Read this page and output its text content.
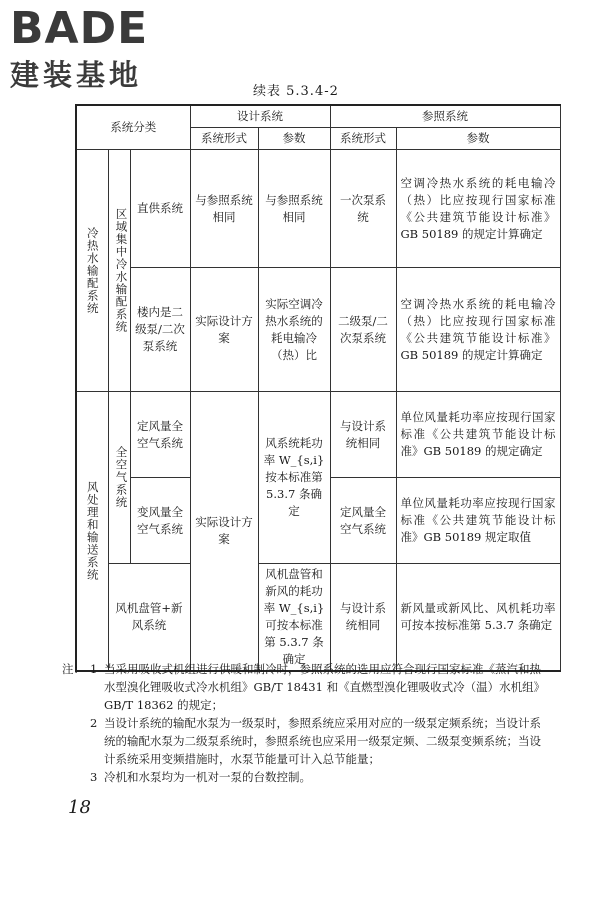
BADE
建装基地	续表 5.3.4-2
系统分类			设计系统		参照系统	
			系统形式	参数	系统形式	参数

冷热水输配系统	区域集中冷水输配系统	直供系统	与参照系统相同	与参照系统相同	一次泵系统	空调冷热水系统的耗电输冷（热）比应按现行国家标准《公共建筑节能设计标准》GB 50189 的规定计算确定
		楼内是二级泵/二次泵系统	实际设计方案	实际空调冷热水系统的耗电输冷（热）比	二级泵/二次泵系统	空调冷热水系统的耗电输冷（热）比应按现行国家标准《公共建筑节能设计标准》GB 50189 的规定计算确定

风处理和输送系统	全空气系统	定风量全空气系统	实际设计方案	风系统耗功率 W_{s,i} 按本标准第 5.3.7 条确定	与设计系统相同	单位风量耗功率应按现行国家标准《公共建筑节能设计标准》GB 50189 的规定确定
		变风量全空气系统			定风量全空气系统	单位风量耗功率应按现行国家标准《公共建筑节能设计标准》GB 50189 规定取值
	风机盘管+新风系统			风机盘管和新风的耗功率 W_{s,i} 可按本标准第 5.3.7 条确定	与设计系统相同	新风量或新风比、风机耗功率可按本按标准第 5.3.7 条确定
注： 1 当采用吸收式机组进行供暖和制冷时，参照系统的选用应符合现行国家标准《蒸汽和热水型溴化锂吸收式冷水机组》GB/T 18431 和《直燃型溴化锂吸收式冷（温）水机组》GB/T 18362 的规定；
2 当设计系统的输配水泵为一级泵时，参照系统应采用对应的一级泵定频系统；当设计系统的输配水泵为二级泵系统时，参照系统也应采用一级泵定频、二级泵变频系统；当设计系统采用变频措施时，水泵节能量可计入总节能量；
3 冷机和水泵均为一机对一泵的台数控制。
18
